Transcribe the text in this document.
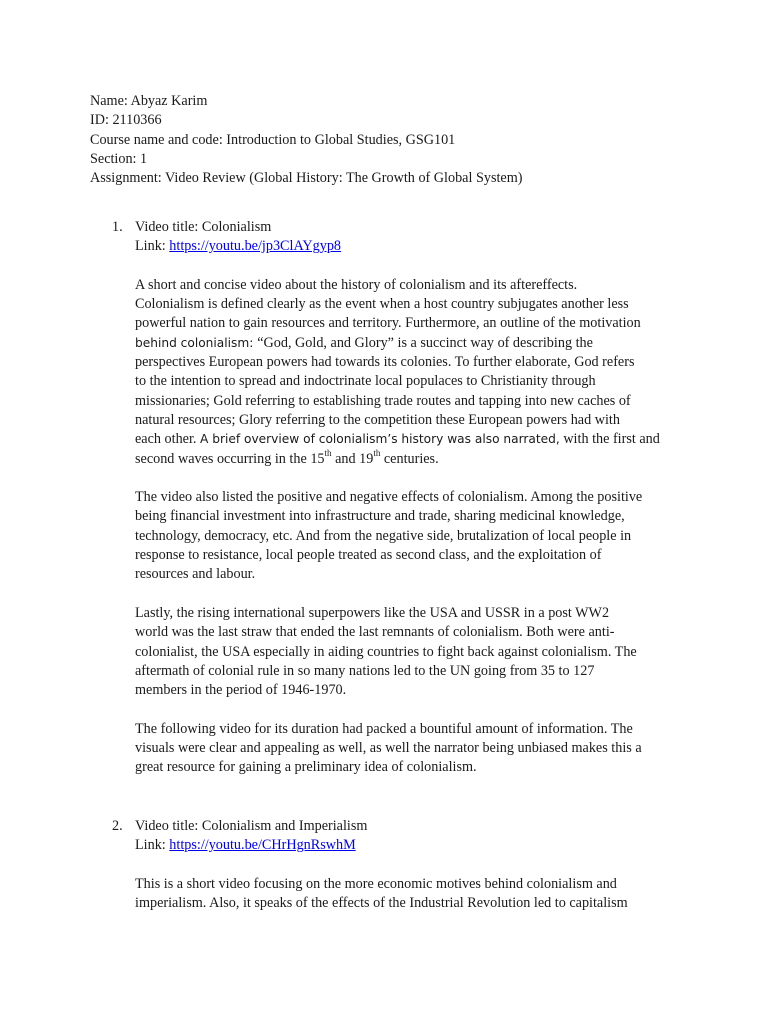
Name: Abyaz Karim
ID: 2110366
Course name and code: Introduction to Global Studies, GSG101
Section: 1
Assignment: Video Review (Global History: The Growth of Global System)
1. Video title: Colonialism
Link: https://youtu.be/jp3ClAYgyp8
A short and concise video about the history of colonialism and its aftereffects.
Colonialism is defined clearly as the event when a host country subjugates another less
powerful nation to gain resources and territory. Furthermore, an outline of the motivation
behind colonialism: “God, Gold, and Glory” is a succinct way of describing the
perspectives European powers had towards its colonies. To further elaborate, God refers
to the intention to spread and indoctrinate local populaces to Christianity through
missionaries; Gold referring to establishing trade routes and tapping into new caches of
natural resources; Glory referring to the competition these European powers had with
each other. A brief overview of colonialism’s history was also narrated, with the first and
second waves occurring in the 15th and 19th centuries.
The video also listed the positive and negative effects of colonialism. Among the positive
being financial investment into infrastructure and trade, sharing medicinal knowledge,
technology, democracy, etc. And from the negative side, brutalization of local people in
response to resistance, local people treated as second class, and the exploitation of
resources and labour.
Lastly, the rising international superpowers like the USA and USSR in a post WW2
world was the last straw that ended the last remnants of colonialism. Both were anti-
colonialist, the USA especially in aiding countries to fight back against colonialism. The
aftermath of colonial rule in so many nations led to the UN going from 35 to 127
members in the period of 1946-1970.
The following video for its duration had packed a bountiful amount of information. The
visuals were clear and appealing as well, as well the narrator being unbiased makes this a
great resource for gaining a preliminary idea of colonialism.
2. Video title: Colonialism and Imperialism
Link: https://youtu.be/CHrHgnRswhM
This is a short video focusing on the more economic motives behind colonialism and
imperialism. Also, it speaks of the effects of the Industrial Revolution led to capitalism
